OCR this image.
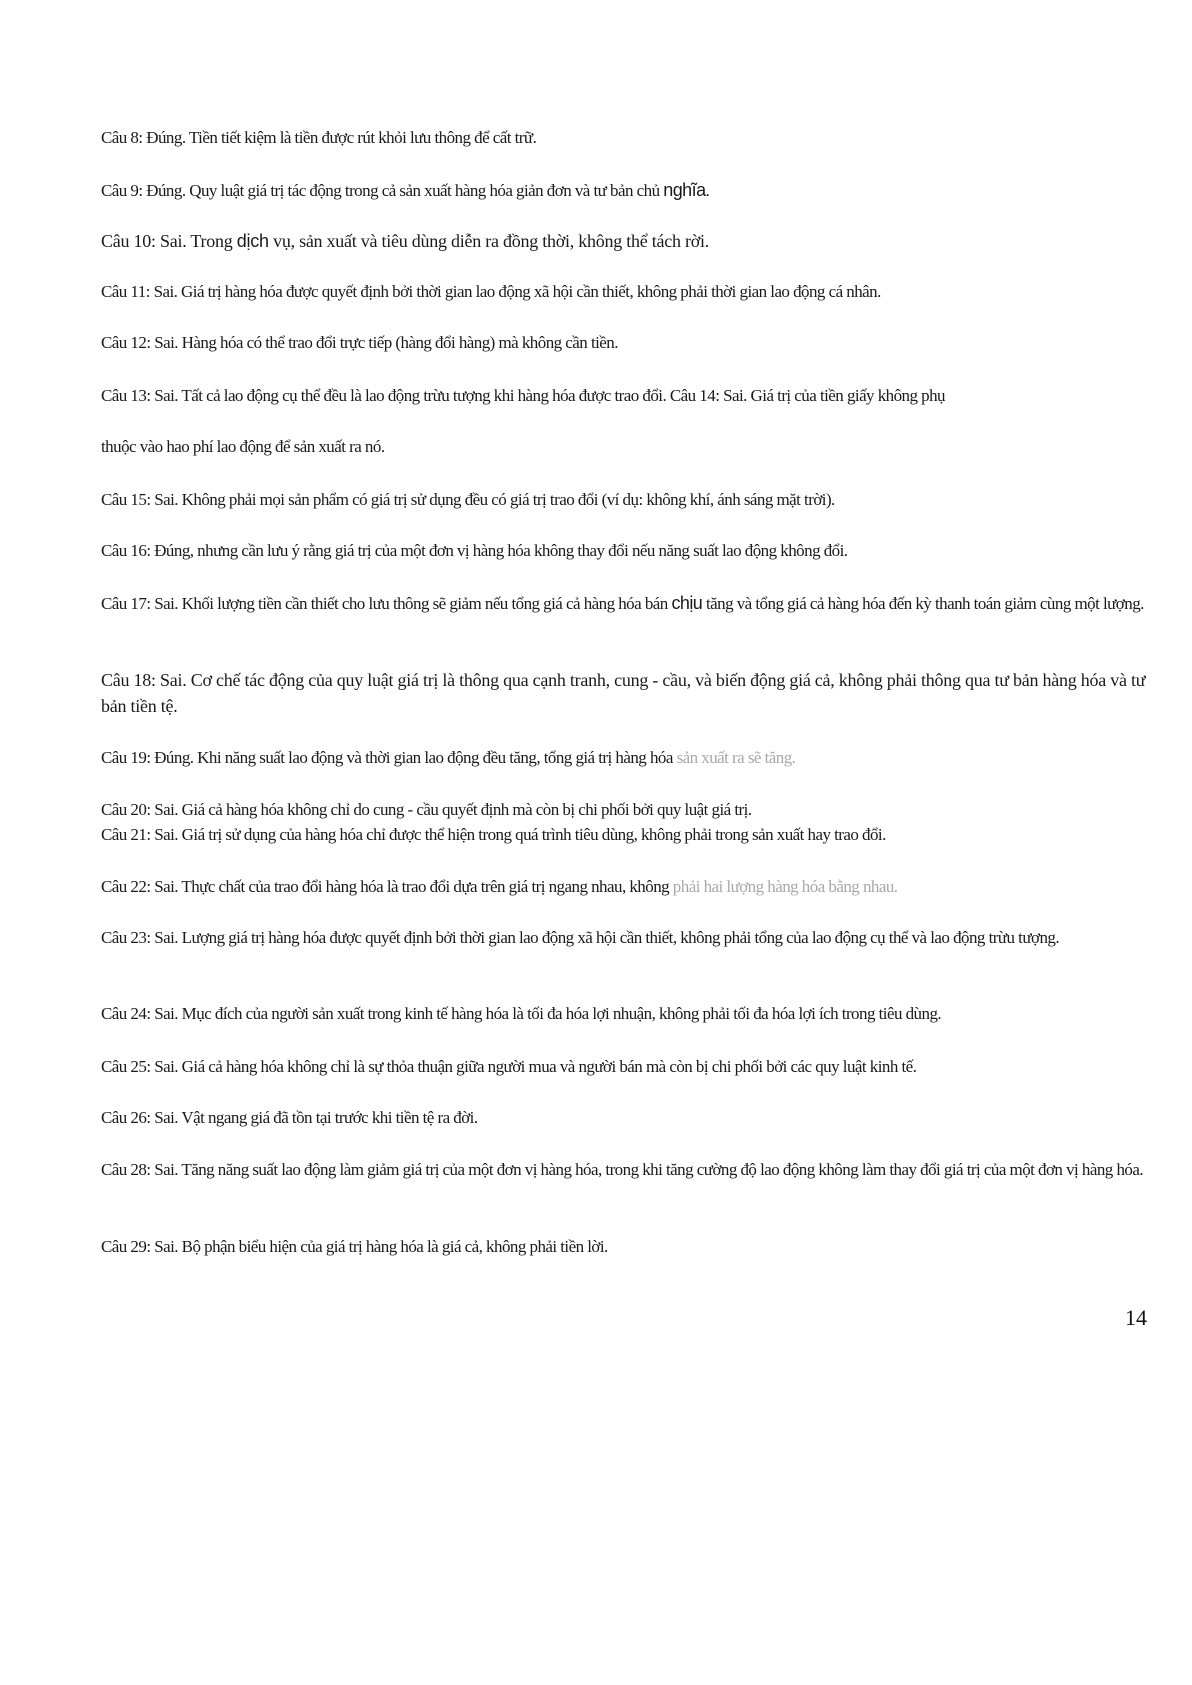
Câu 8: Đúng. Tiền tiết kiệm là tiền được rút khỏi lưu thông để cất trữ.
Câu 9: Đúng. Quy luật giá trị tác động trong cả sản xuất hàng hóa giản đơn và tư bản chủ nghĩa.
Câu 10: Sai. Trong dịch vụ, sản xuất và tiêu dùng diễn ra đồng thời, không thể tách rời.
Câu 11: Sai. Giá trị hàng hóa được quyết định bởi thời gian lao động xã hội cần thiết, không phải thời gian lao động cá nhân.
Câu 12: Sai. Hàng hóa có thể trao đổi trực tiếp (hàng đổi hàng) mà không cần tiền.
Câu 13: Sai. Tất cả lao động cụ thể đều là lao động trừu tượng khi hàng hóa được trao đổi. Câu 14: Sai. Giá trị của tiền giấy không phụ
thuộc vào hao phí lao động để sản xuất ra nó.
Câu 15: Sai. Không phải mọi sản phẩm có giá trị sử dụng đều có giá trị trao đổi (ví dụ: không khí, ánh sáng mặt trời).
Câu 16: Đúng, nhưng cần lưu ý rằng giá trị của một đơn vị hàng hóa không thay đổi nếu năng suất lao động không đổi.
Câu 17: Sai. Khối lượng tiền cần thiết cho lưu thông sẽ giảm nếu tổng giá cả hàng hóa bán chịu tăng và tổng giá cả hàng hóa đến kỳ thanh toán giảm cùng một lượng.
Câu 18: Sai. Cơ chế tác động của quy luật giá trị là thông qua cạnh tranh, cung - cầu, và biến động giá cả, không phải thông qua tư bản hàng hóa và tư bản tiền tệ.
Câu 19: Đúng. Khi năng suất lao động và thời gian lao động đều tăng, tổng giá trị hàng hóa sản xuất ra sẽ tăng.
Câu 20: Sai. Giá cả hàng hóa không chỉ do cung - cầu quyết định mà còn bị chi phối bởi quy luật giá trị.
Câu 21: Sai. Giá trị sử dụng của hàng hóa chỉ được thể hiện trong quá trình tiêu dùng, không phải trong sản xuất hay trao đổi.
Câu 22: Sai. Thực chất của trao đổi hàng hóa là trao đổi dựa trên giá trị ngang nhau, không phải hai lượng hàng hóa bằng nhau.
Câu 23: Sai. Lượng giá trị hàng hóa được quyết định bởi thời gian lao động xã hội cần thiết, không phải tổng của lao động cụ thể và lao động trừu tượng.
Câu 24: Sai. Mục đích của người sản xuất trong kinh tế hàng hóa là tối đa hóa lợi nhuận, không phải tối đa hóa lợi ích trong tiêu dùng.
Câu 25: Sai. Giá cả hàng hóa không chỉ là sự thỏa thuận giữa người mua và người bán mà còn bị chi phối bởi các quy luật kinh tế.
Câu 26: Sai. Vật ngang giá đã tồn tại trước khi tiền tệ ra đời.
Câu 28: Sai. Tăng năng suất lao động làm giảm giá trị của một đơn vị hàng hóa, trong khi tăng cường độ lao động không làm thay đổi giá trị của một đơn vị hàng hóa.
Câu 29: Sai. Bộ phận biểu hiện của giá trị hàng hóa là giá cả, không phải tiền lời.
14
